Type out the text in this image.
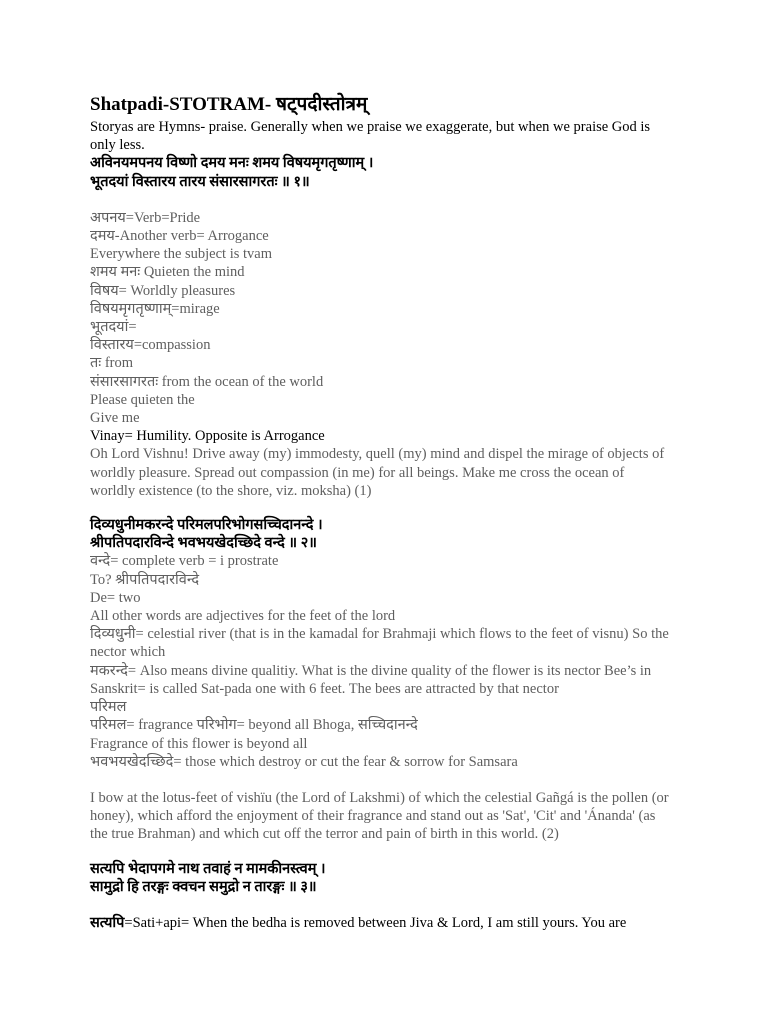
Shatpadi-STOTRAM- षट्पदीस्तोत्रम्
Storyas are Hymns- praise. Generally when we praise we exaggerate, but when we praise God is only less.
अविनयमपनय विष्णो दमय मनः शमय विषयमृगतृष्णाम् ।
भूतदयां विस्तारय तारय संसारसागरतः ॥ १॥
अपनय=Verb=Pride
दमय-Another verb= Arrogance
Everywhere the subject is tvam
शमय मनः Quieten the mind
विषय= Worldly pleasures
विषयमृगतृष्णाम्=mirage
भूतदयां=
विस्तारय=compassion
तः from
संसारसागरतः from the ocean of the world
Please quieten the
Give me
Vinay= Humility. Opposite is Arrogance
Oh Lord Vishnu! Drive away (my) immodesty, quell (my) mind and dispel the mirage of objects of worldly pleasure. Spread out compassion (in me) for all beings. Make me cross the ocean of worldly existence (to the shore, viz. moksha) (1)
दिव्यधुनीमकरन्दे परिमलपरिभोगसच्चिदानन्दे ।
श्रीपतिपदारविन्दे भवभयखेदच्छिदे वन्दे ॥ २॥
वन्दे= complete verb = i prostrate
To? श्रीपतिपदारविन्दे
De= two
All other words are adjectives for the feet of the lord
दिव्यधुनी= celestial river (that is in the kamadal for Brahmaji which flows to the feet of visnu) So the nector which
मकरन्दे= Also means divine qualitiy. What is the divine quality of the flower is its nector Bee’s in Sanskrit= is called Sat-pada one with 6 feet. The bees are attracted by that nector
परिमल
परिमल= fragrance परिभोग= beyond all Bhoga, सच्चिदानन्दे
Fragrance of this flower is beyond all
भवभयखेदच्छिदे= those which destroy or cut the fear & sorrow for Samsara
I bow at the lotus-feet of vishïu (the Lord of Lakshmi) of which the celestial Gañgá is the pollen (or honey), which afford the enjoyment of their fragrance and stand out as 'Sat', 'Cit' and 'Ánanda' (as the true Brahman) and which cut off the terror and pain of birth in this world. (2)
सत्यपि भेदापगमे नाथ तवाहं न मामकीनस्त्वम् ।
सामुद्रो हि तरङ्गः क्वचन समुद्रो न तारङ्गः ॥ ३॥
सत्यपि=Sati+api= When the bedha is removed between Jiva & Lord, I am still yours. You are
